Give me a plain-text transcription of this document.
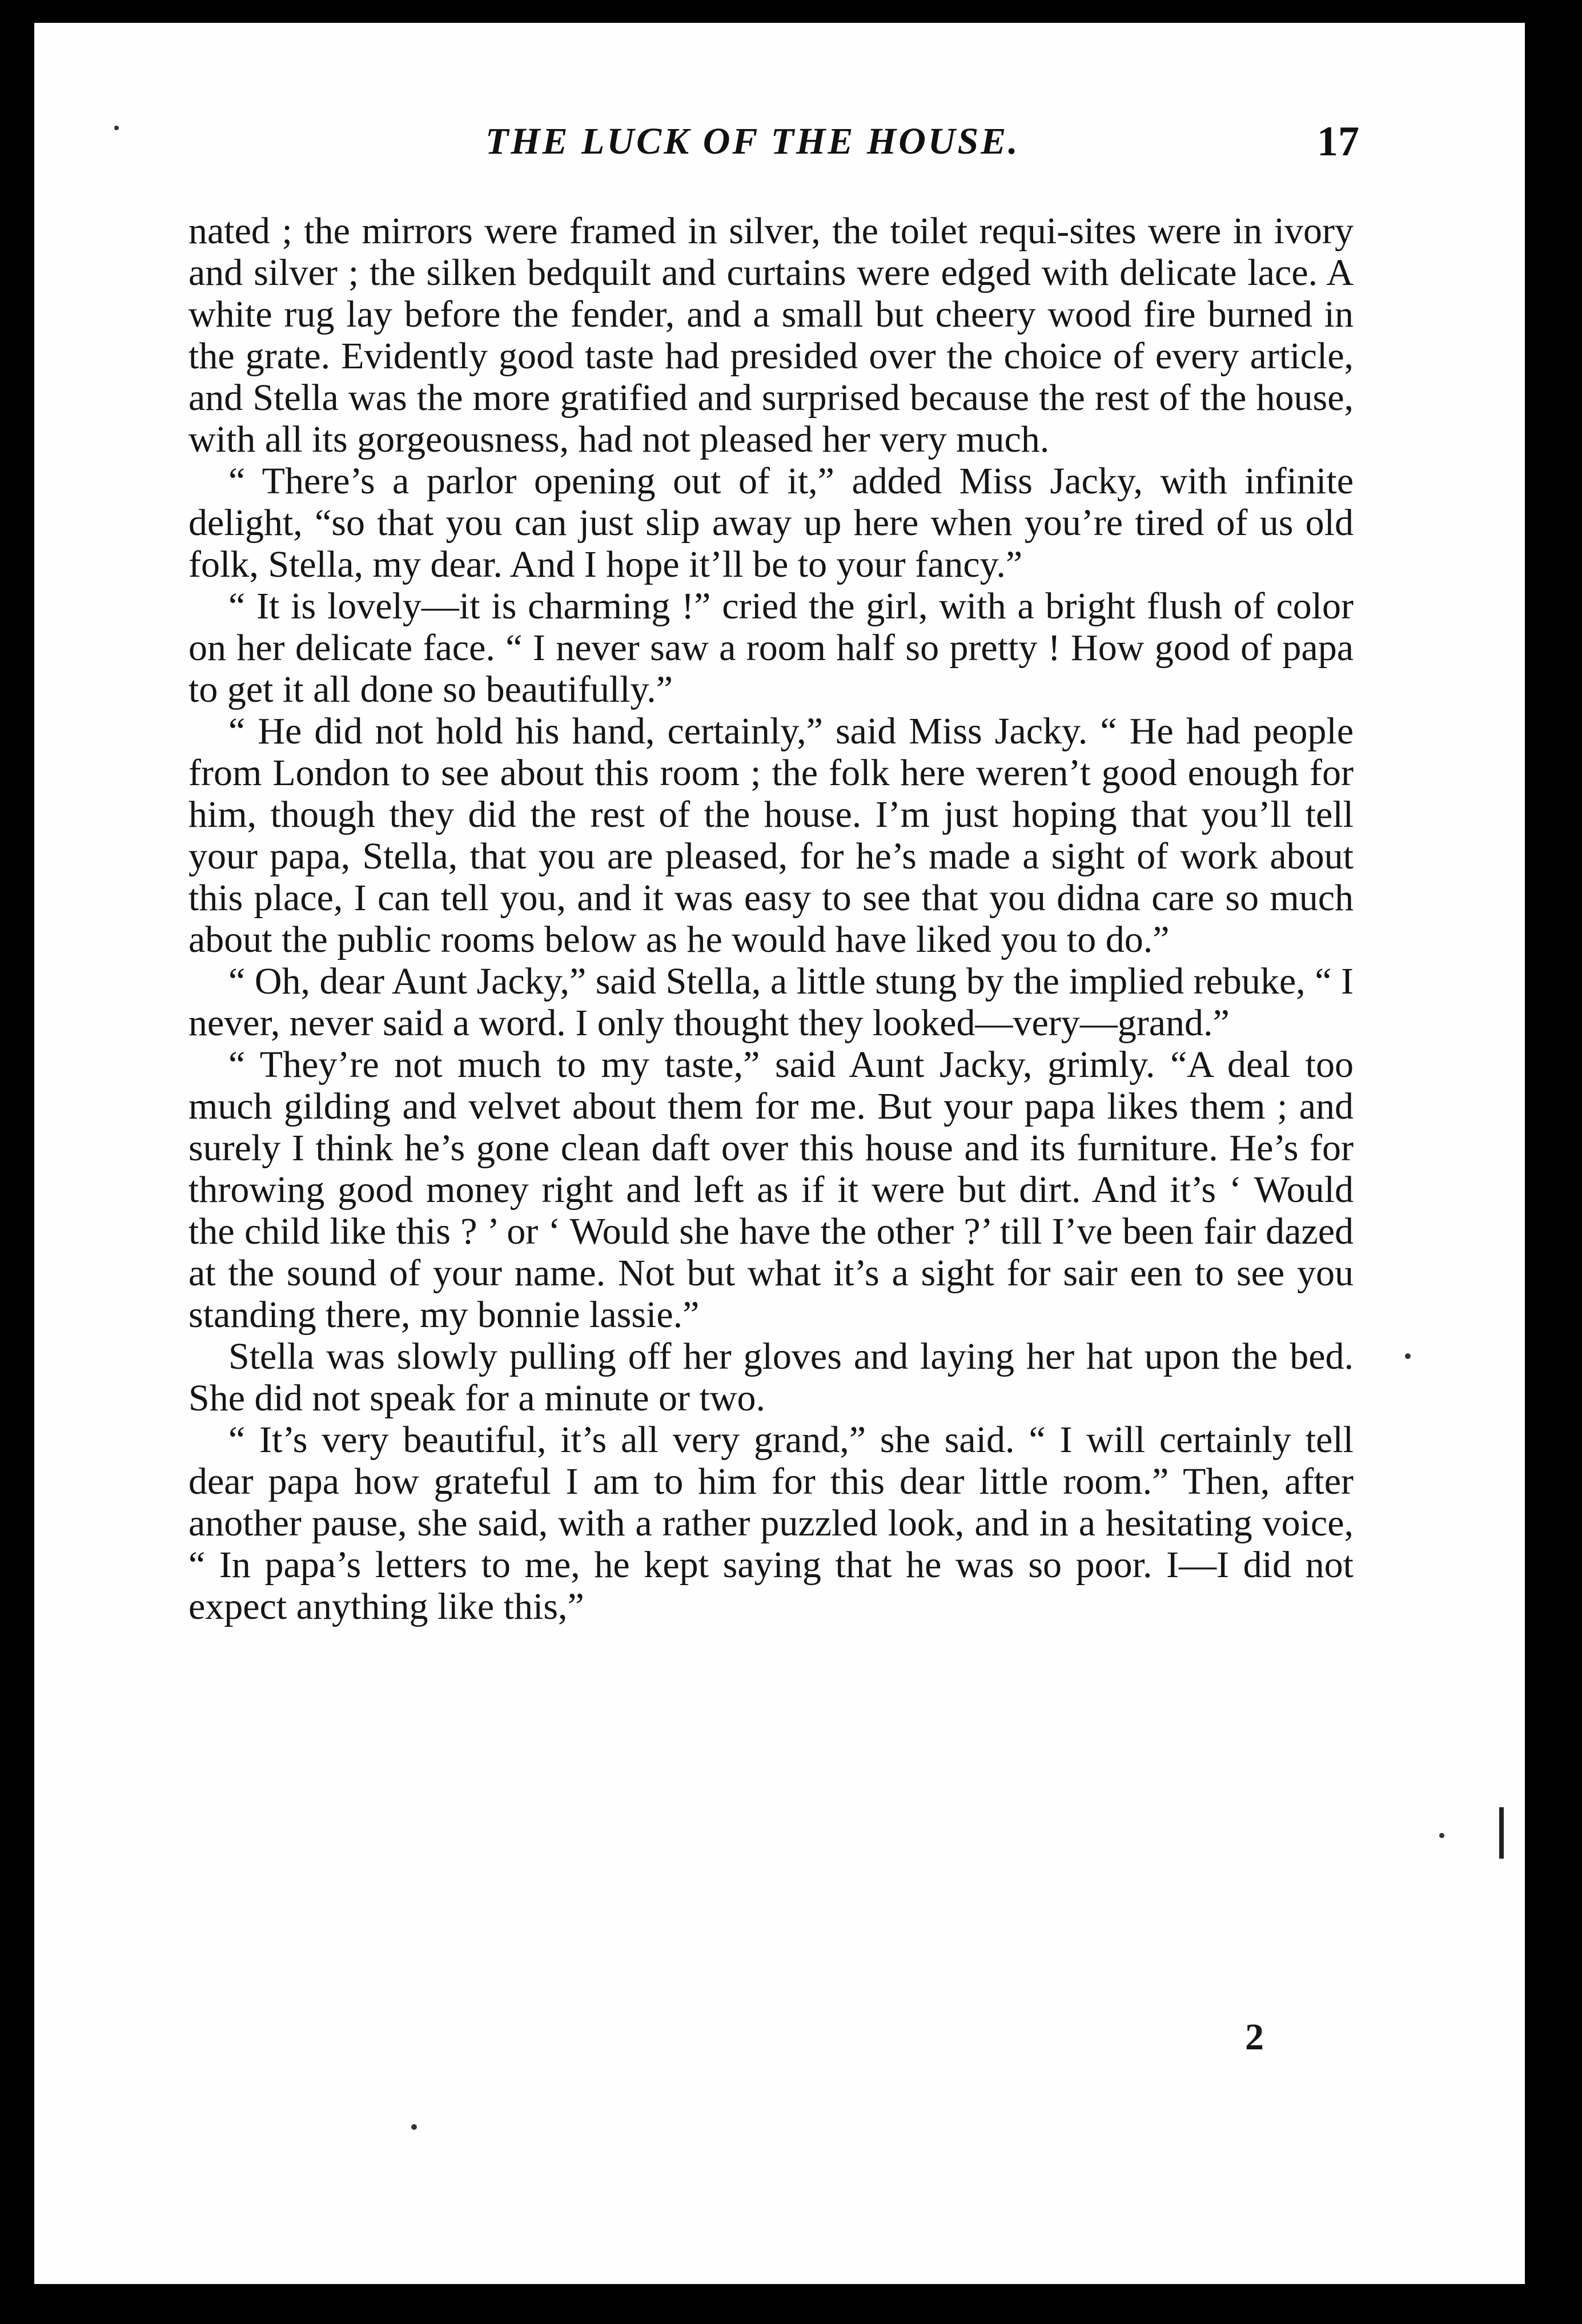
THE LUCK OF THE HOUSE.	17

nated ; the mirrors were framed in silver, the toilet requi-sites were in ivory and silver ; the silken bedquilt and curtains were edged with delicate lace. A white rug lay before the fender, and a small but cheery wood fire burned in the grate. Evidently good taste had presided over the choice of every article, and Stella was the more gratified and surprised because the rest of the house, with all its gorgeousness, had not pleased her very much.

“ There’s a parlor opening out of it,” added Miss Jacky, with infinite delight, “so that you can just slip away up here when you’re tired of us old folk, Stella, my dear. And I hope it’ll be to your fancy.”

“ It is lovely—it is charming !” cried the girl, with a bright flush of color on her delicate face. “ I never saw a room half so pretty ! How good of papa to get it all done so beautifully.”

“ He did not hold his hand, certainly,” said Miss Jacky. “ He had people from London to see about this room ; the folk here weren’t good enough for him, though they did the rest of the house. I’m just hoping that you’ll tell your papa, Stella, that you are pleased, for he’s made a sight of work about this place, I can tell you, and it was easy to see that you didna care so much about the public rooms below as he would have liked you to do.”

“ Oh, dear Aunt Jacky,” said Stella, a little stung by the implied rebuke, “ I never, never said a word. I only thought they looked—very—grand.”

“ They’re not much to my taste,” said Aunt Jacky, grimly. “A deal too much gilding and velvet about them for me. But your papa likes them ; and surely I think he’s gone clean daft over this house and its furniture. He’s for throwing good money right and left as if it were but dirt. And it’s ‘ Would the child like this ? ’ or ‘ Would she have the other ?’ till I’ve been fair dazed at the sound of your name. Not but what it’s a sight for sair een to see you standing there, my bonnie lassie.”

Stella was slowly pulling off her gloves and laying her hat upon the bed. She did not speak for a minute or two.

“ It’s very beautiful, it’s all very grand,” she said. “ I will certainly tell dear papa how grateful I am to him for this dear little room.” Then, after another pause, she said, with a rather puzzled look, and in a hesitating voice, “ In papa’s letters to me, he kept saying that he was so poor. I—I did not expect anything like this,”

2
